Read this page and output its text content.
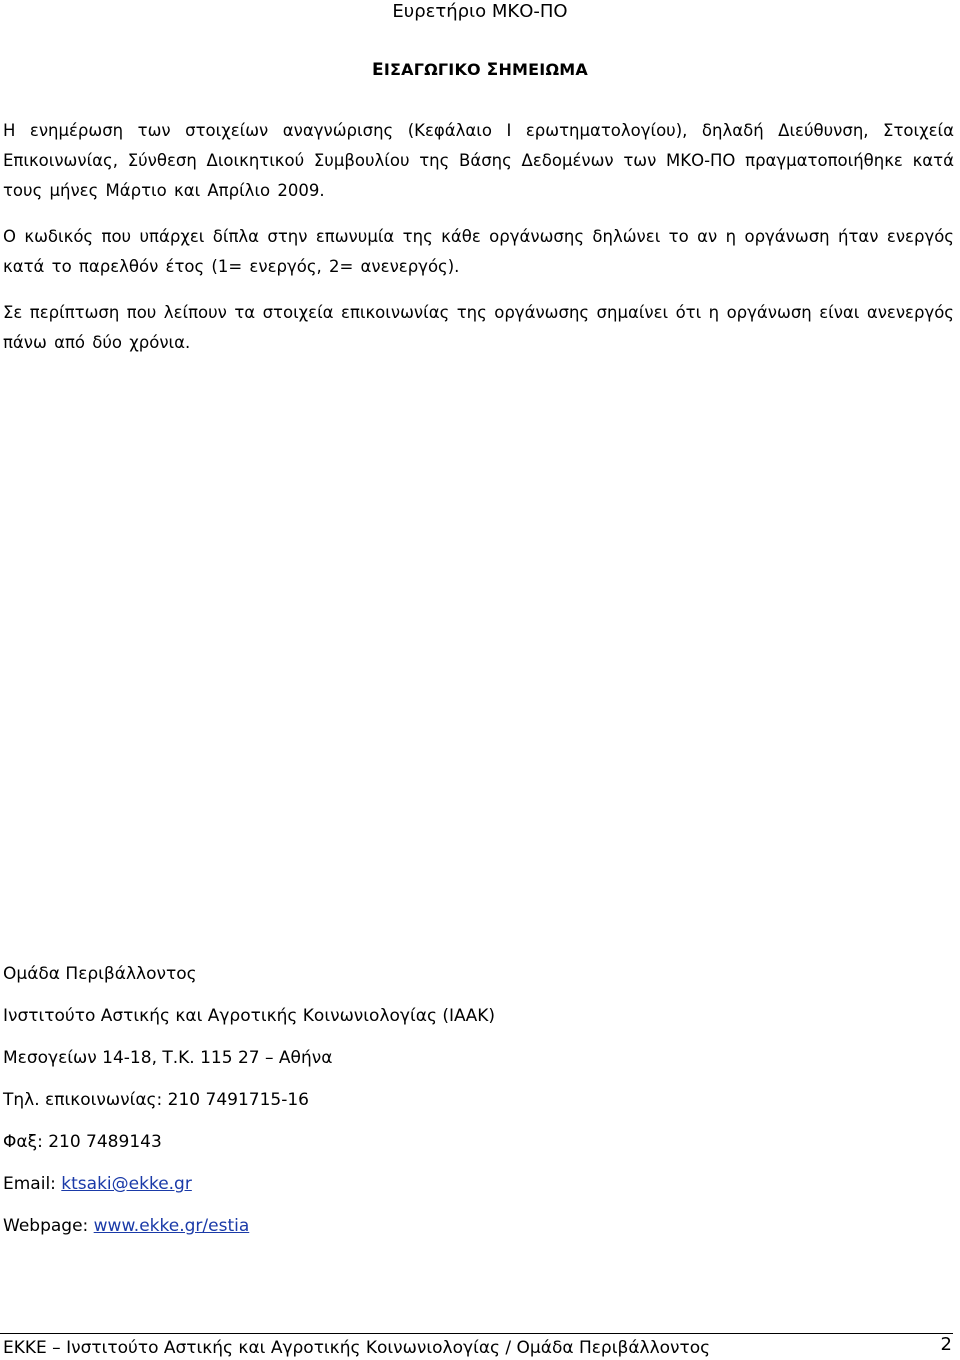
Ευρετήριο ΜΚΟ-ΠΟ
ΕΙΣΑΓΩΓΙΚΟ ΣΗΜΕΙΩΜΑ

Η ενημέρωση των στοιχείων αναγνώρισης (Κεφάλαιο Ι ερωτηματολογίου), δηλαδή Διεύθυνση, Στοιχεία Επικοινωνίας, Σύνθεση Διοικητικού Συμβουλίου της Βάσης Δεδομένων των ΜΚΟ-ΠΟ πραγματοποιήθηκε κατά τους μήνες Μάρτιο και Απρίλιο 2009.

Ο κωδικός που υπάρχει δίπλα στην επωνυμία της κάθε οργάνωσης δηλώνει το αν η οργάνωση ήταν ενεργός κατά το παρελθόν έτος (1= ενεργός, 2= ανενεργός).

Σε περίπτωση που λείπουν τα στοιχεία επικοινωνίας της οργάνωσης σημαίνει ότι η οργάνωση είναι ανενεργός πάνω από δύο χρόνια.

Ομάδα Περιβάλλοντος
Ινστιτούτο Αστικής και Αγροτικής Κοινωνιολογίας (ΙΑΑΚ)
Μεσογείων 14-18, Τ.Κ. 115 27 – Αθήνα
Τηλ. επικοινωνίας: 210 7491715-16
Φαξ: 210 7489143
Email: ktsaki@ekke.gr
Webpage: www.ekke.gr/estia
ΕΚΚΕ – Ινστιτούτο Αστικής και Αγροτικής Κοινωνιολογίας / Ομάδα Περιβάλλοντος	2
